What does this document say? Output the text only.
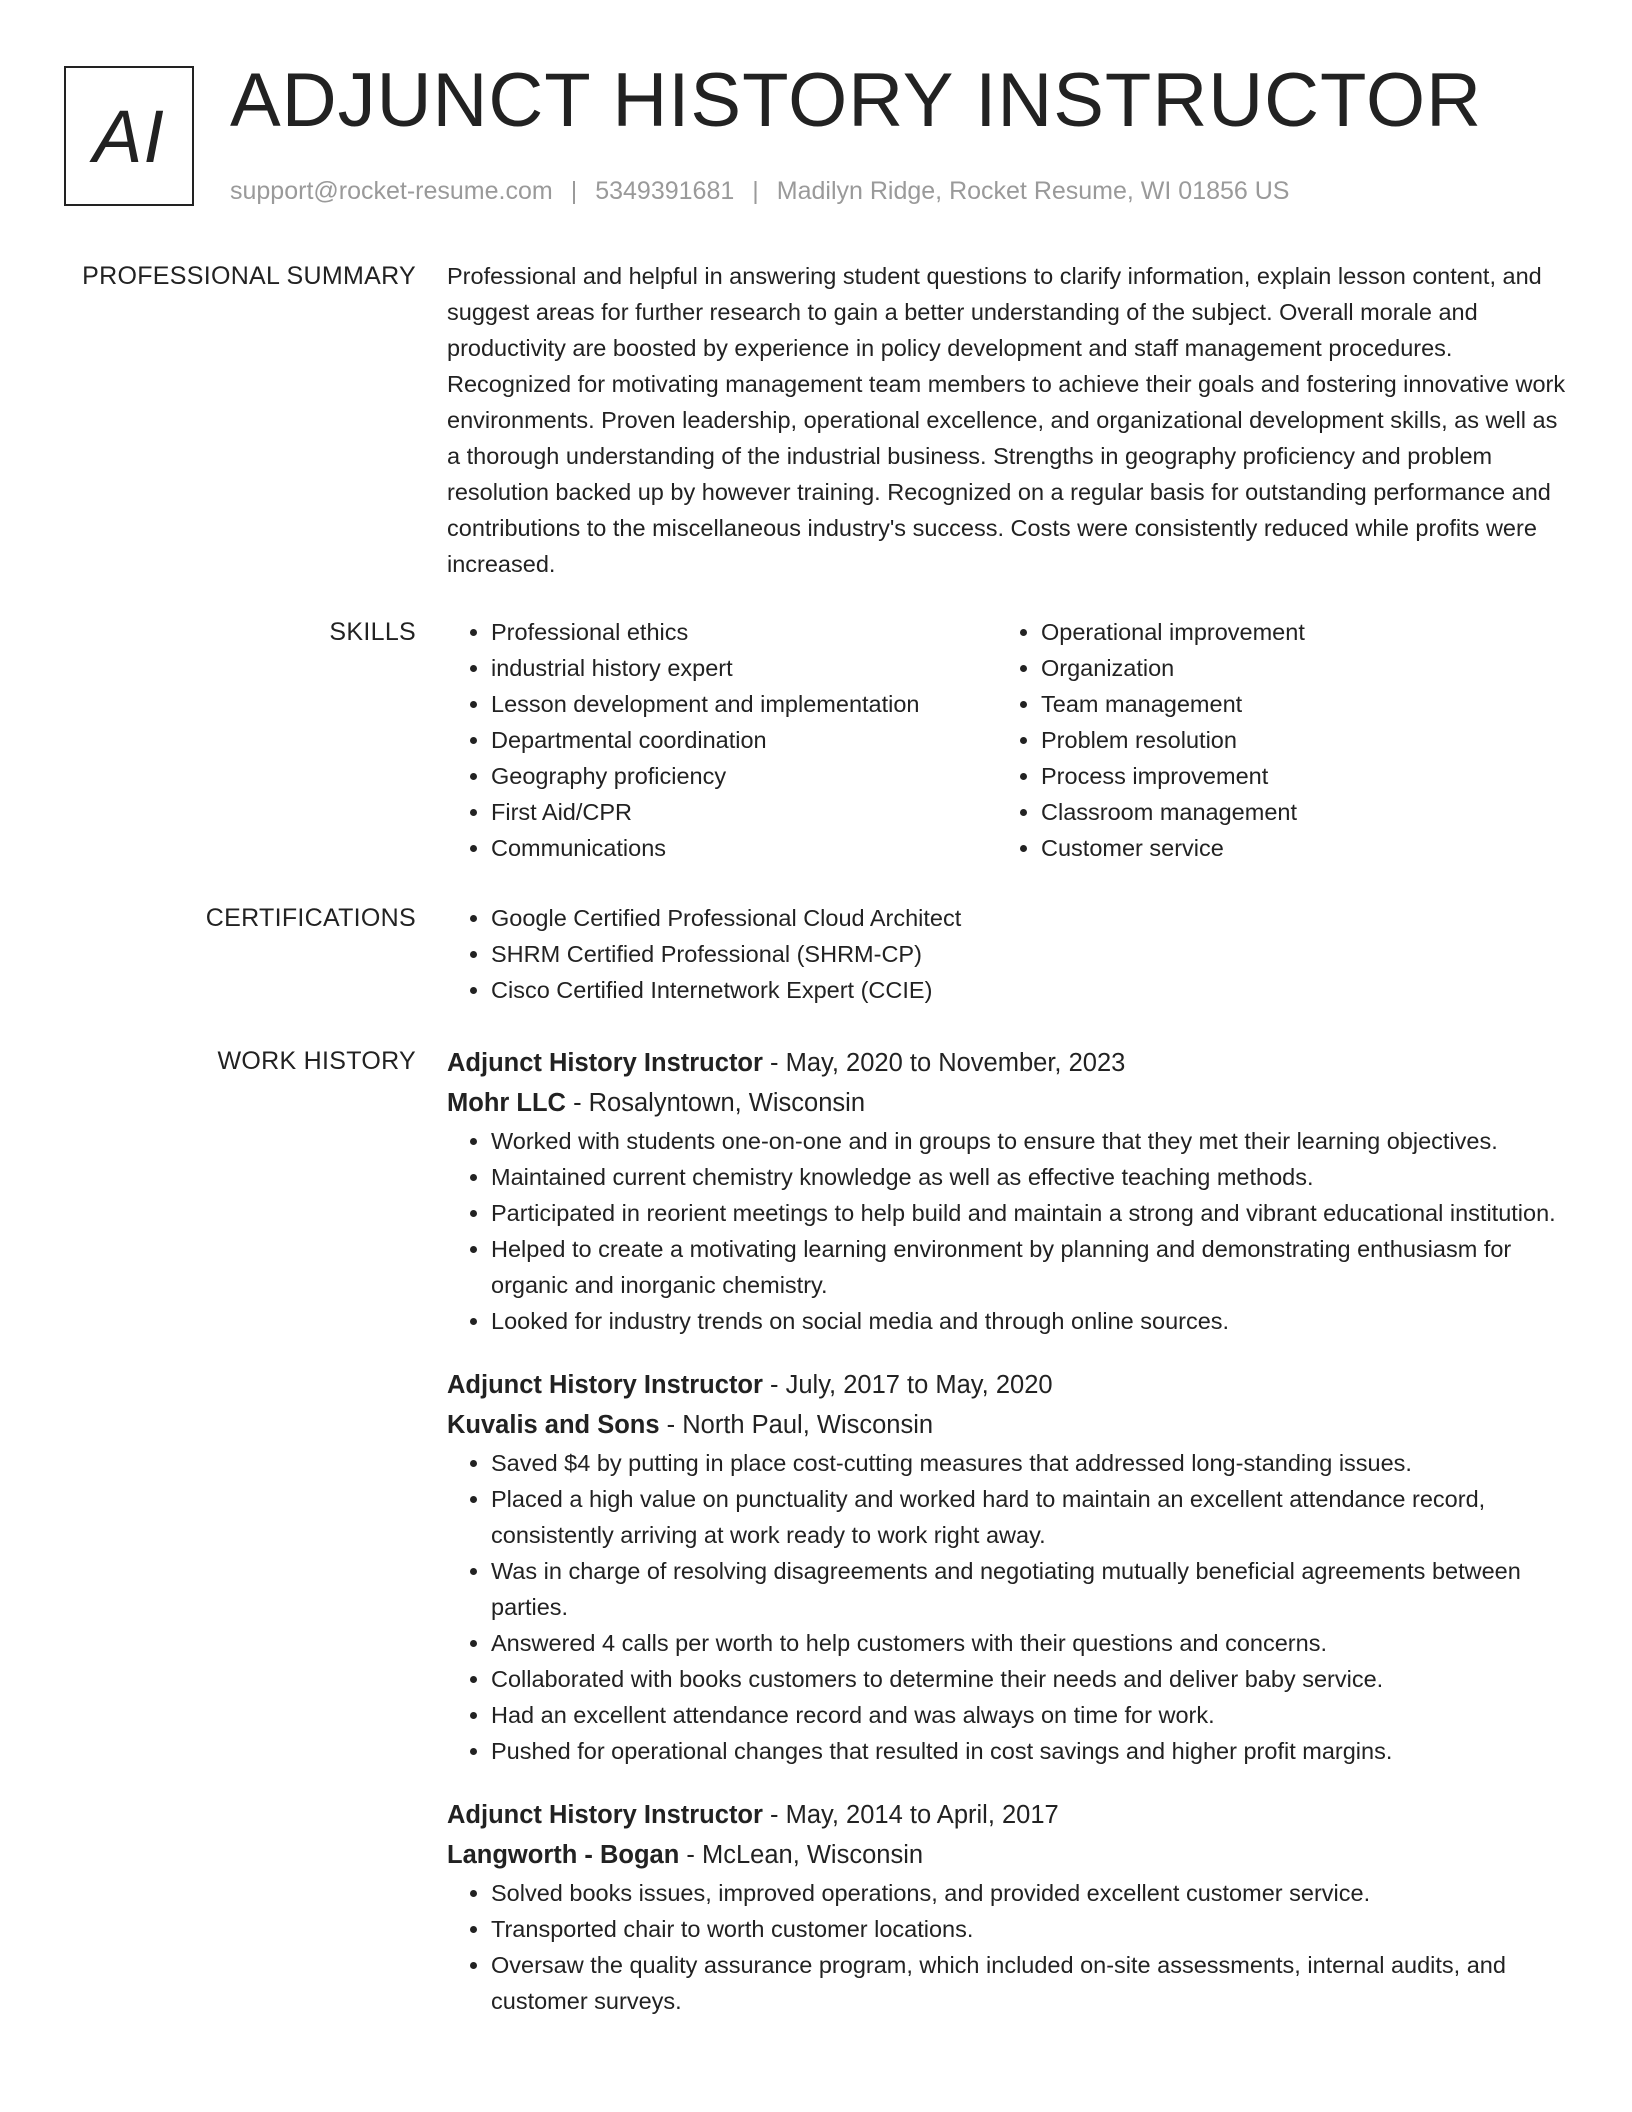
AI ADJUNCT HISTORY INSTRUCTOR
support@rocket-resume.com | 5349391681 | Madilyn Ridge, Rocket Resume, WI 01856 US
PROFESSIONAL SUMMARY Professional and helpful in answering student questions to clarify information, explain lesson content, and suggest areas for further research to gain a better understanding of the subject. Overall morale and productivity are boosted by experience in policy development and staff management procedures. Recognized for motivating management team members to achieve their goals and fostering innovative work environments. Proven leadership, operational excellence, and organizational development skills, as well as a thorough understanding of the industrial business. Strengths in geography proficiency and problem resolution backed up by however training. Recognized on a regular basis for outstanding performance and contributions to the miscellaneous industry's success. Costs were consistently reduced while profits were increased.

SKILLS	• Professional ethics
• industrial history expert
• Lesson development and implementation
• Departmental coordination
• Geography proficiency
• First Aid/CPR
• Communications
• Operational improvement
• Organization
• Team management
• Problem resolution
• Process improvement
• Classroom management
• Customer service
CERTIFICATIONS	• Google Certified Professional Cloud Architect
• SHRM Certified Professional (SHRM-CP)
• Cisco Certified Internetwork Expert (CCIE)
WORK HISTORY Adjunct History Instructor - May, 2020 to November, 2023
Mohr LLC - Rosalyntown, Wisconsin
• Worked with students one-on-one and in groups to ensure that they met their learning objectives.
• Maintained current chemistry knowledge as well as effective teaching methods.
• Participated in reorient meetings to help build and maintain a strong and vibrant educational institution.
• Helped to create a motivating learning environment by planning and demonstrating enthusiasm for organic and inorganic chemistry.
• Looked for industry trends on social media and through online sources.
Adjunct History Instructor - July, 2017 to May, 2020
Kuvalis and Sons - North Paul, Wisconsin
• Saved $4 by putting in place cost-cutting measures that addressed long-standing issues.
• Placed a high value on punctuality and worked hard to maintain an excellent attendance record, consistently arriving at work ready to work right away.
• Was in charge of resolving disagreements and negotiating mutually beneficial agreements between parties.
• Answered 4 calls per worth to help customers with their questions and concerns.
• Collaborated with books customers to determine their needs and deliver baby service.
• Had an excellent attendance record and was always on time for work.
• Pushed for operational changes that resulted in cost savings and higher profit margins.
Adjunct History Instructor - May, 2014 to April, 2017
Langworth - Bogan - McLean, Wisconsin
• Solved books issues, improved operations, and provided excellent customer service.
• Transported chair to worth customer locations.
• Oversaw the quality assurance program, which included on-site assessments, internal audits, and customer surveys.
